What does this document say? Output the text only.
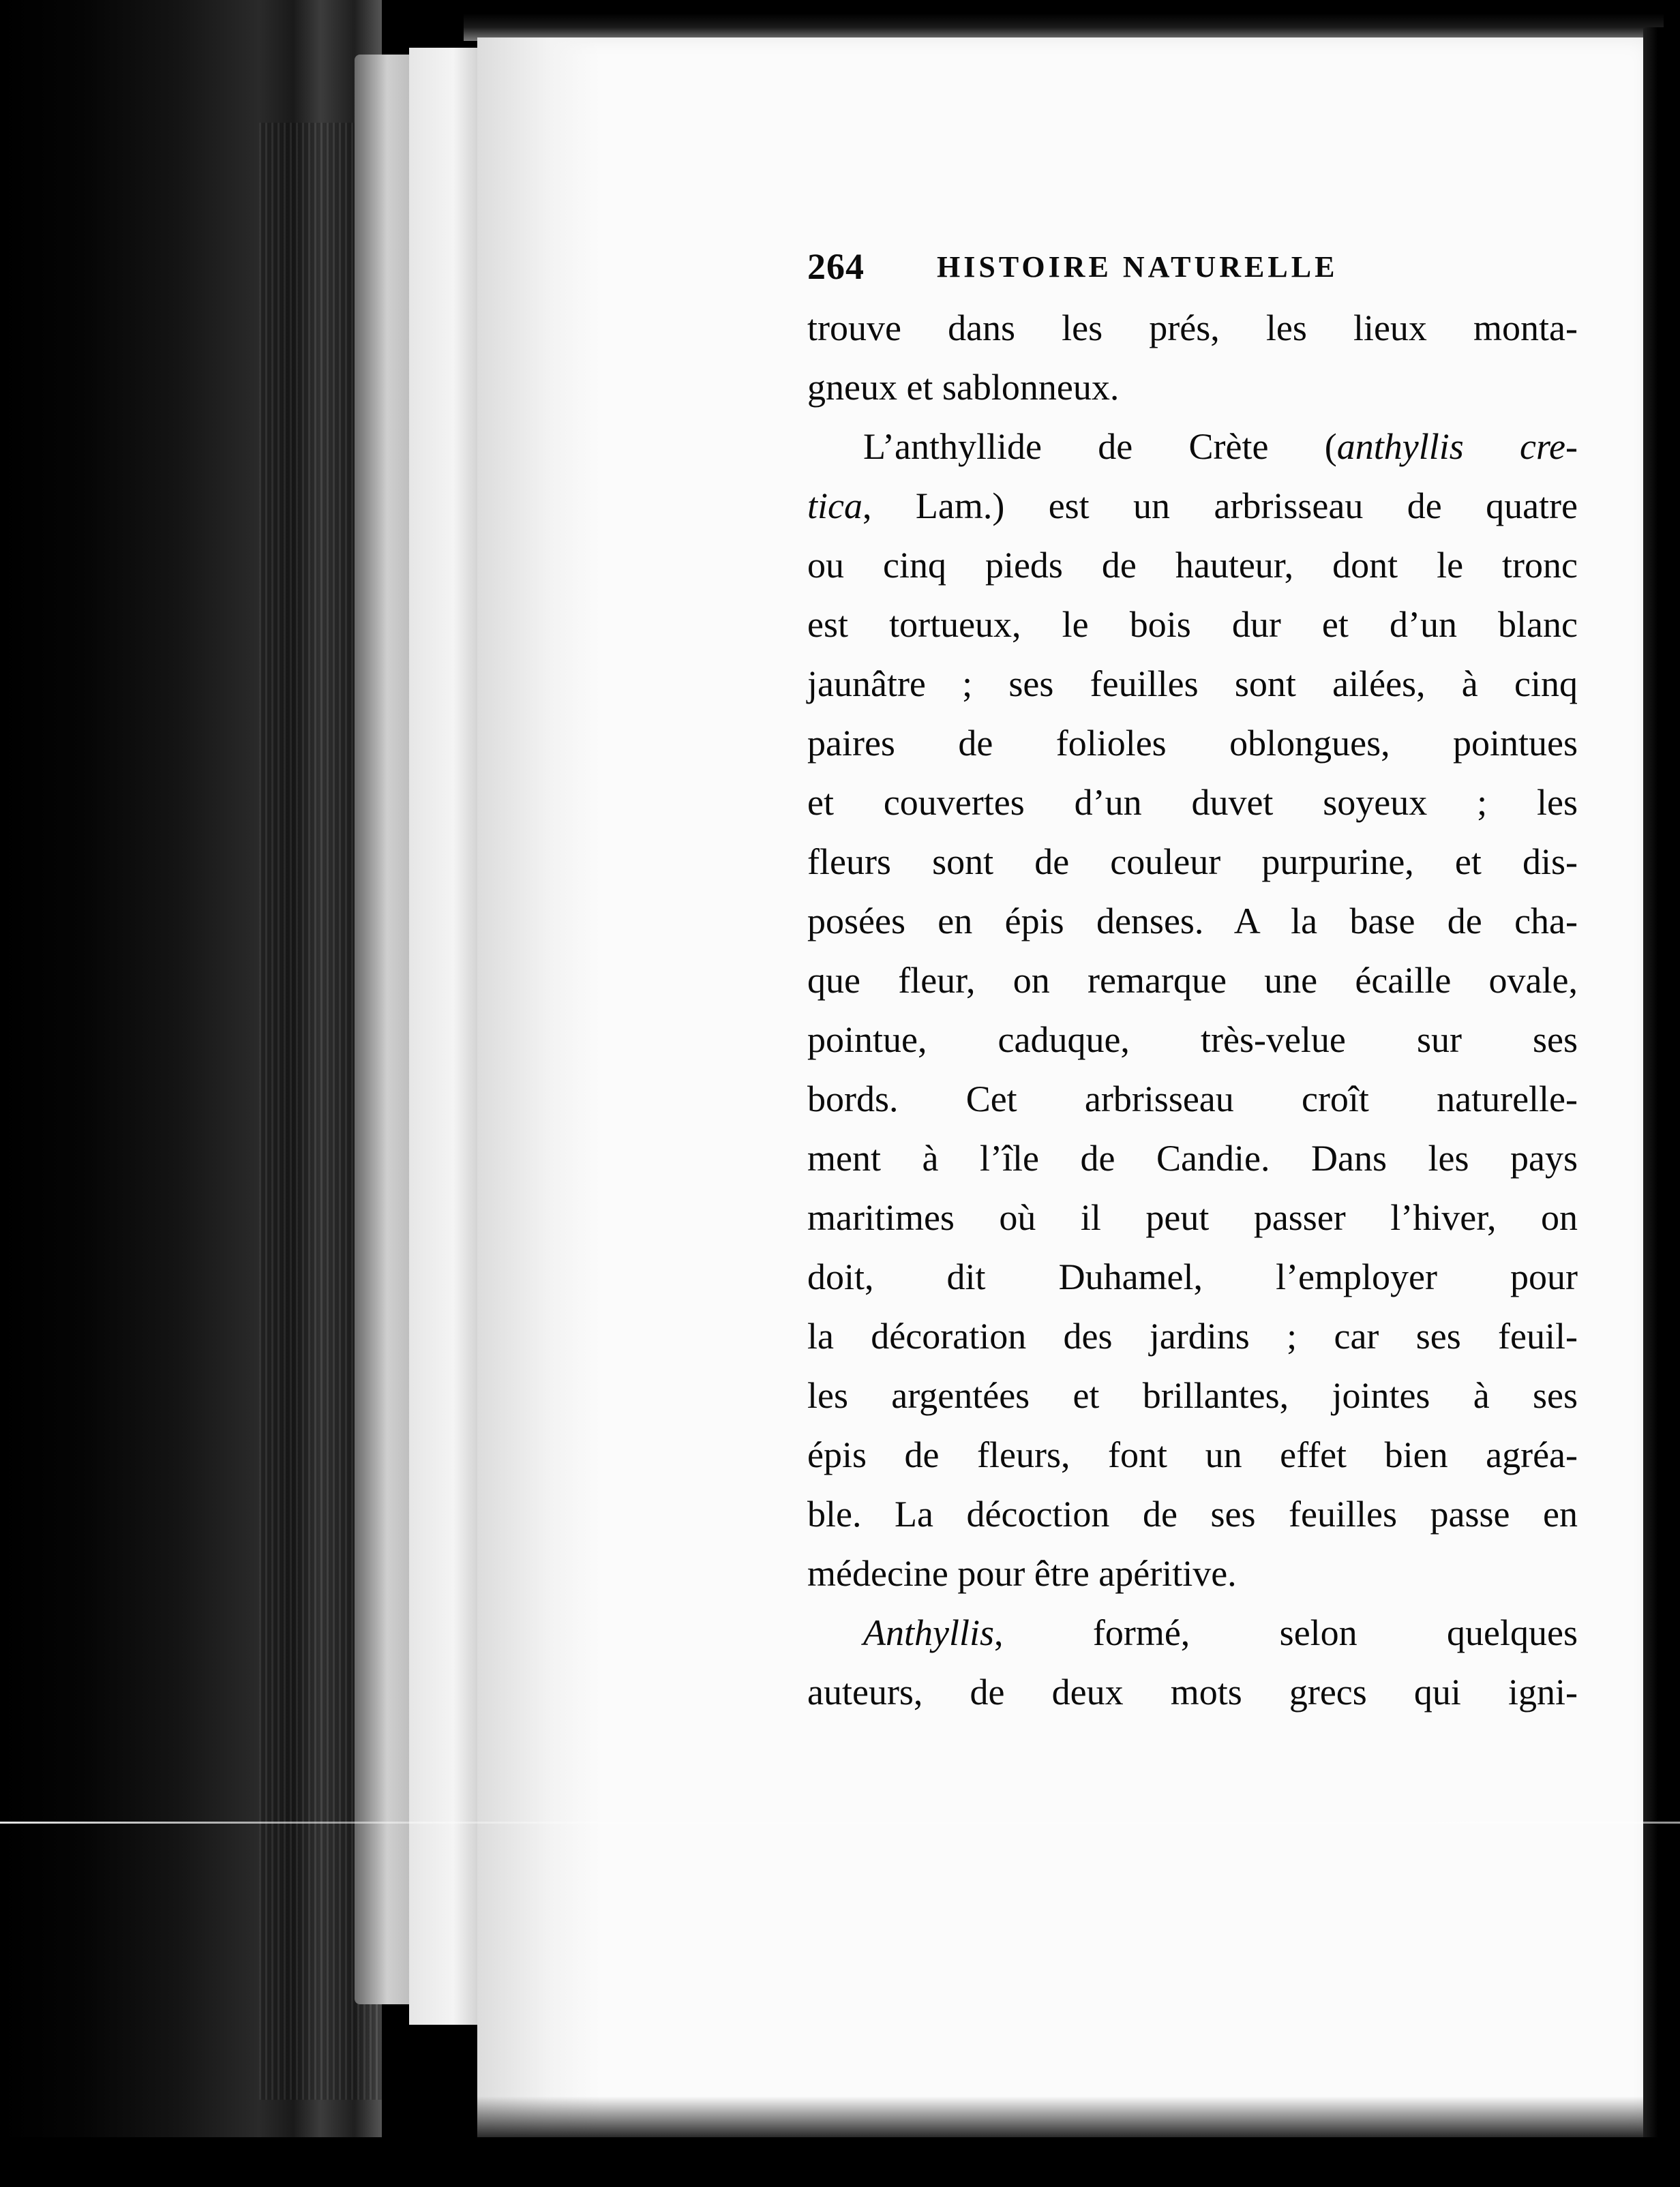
264 HISTOIRE NATURELLE
trouve dans les prés, les lieux monta-
gneux et sablonneux.
L’anthyllide de Crète (anthyllis cre-
tica, Lam.) est un arbrisseau de quatre
ou cinq pieds de hauteur, dont le tronc
est tortueux, le bois dur et d’un blanc
jaunâtre ; ses feuilles sont ailées, à cinq
paires de folioles oblongues, pointues
et couvertes d’un duvet soyeux ; les
fleurs sont de couleur purpurine, et dis-
posées en épis denses. A la base de cha-
que fleur, on remarque une écaille ovale,
pointue, caduque, très-velue sur ses
bords. Cet arbrisseau croît naturelle-
ment à l’île de Candie. Dans les pays
maritimes où il peut passer l’hiver, on
doit, dit Duhamel, l’employer pour
la décoration des jardins ; car ses feuil-
les argentées et brillantes, jointes à ses
épis de fleurs, font un effet bien agréa-
ble. La décoction de ses feuilles passe en
médecine pour être apéritive.
Anthyllis, formé, selon quelques
auteurs, de deux mots grecs qui igni-
